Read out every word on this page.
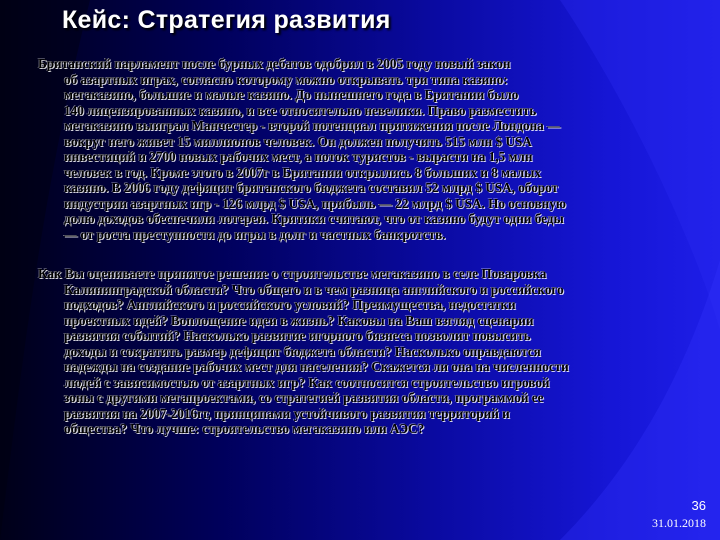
Кейс: Стратегия развития
Британский парламент после бурных дебатов одобрил в 2005 году новый закон
об азартных играх, согласно которому можно открывать три типа казино:
мегаказино, большие и малые казино. До нынешнего года в Британии было
140 лицензированных казино, и все относительно невелики. Право разместить
мегаказино выиграл Манчестер - второй потенциал притяжения после Лондона —
вокруг него живет 15 миллионов человек. Он должен получить 515 млн $ USA
инвестиций и 2700 новых рабочих мест, а поток туристов - вырасти на 1,5 млн
человек в год. Кроме этого в 2007г в Британии открылись 8 больших и 8 малых
казино. В 2006 году дефицит британского бюджета составил 52 млрд $ USA, оборот
индустрии азартных игр - 126 млрд $ USA, прибыль — 22 млрд $ USA. Но основную
долю доходов обеспечили лотереи. Критики считают, что от казино будут одни беды
— от роста преступности до игры в долг и частных банкротств.
Как Вы оцениваете принятое решение о строительстве мегаказино в селе Поваровка
Калининградской области? Что общего и в чем разница английского и российского
подходов? Английского и российского условий? Преимущества, недостатки
проектных идей? Воплощение идеи в жизнь? Каковы на Ваш взгляд сценарии
развития событий? Насколько развитие игорного бизнеса позволит повысить
доходы и сократить размер дефицит бюджета области? Насколько оправдаются
надежды на создание рабочих мест для населения? Скажется ли она на численности
людей с зависимостью от азартных игр? Как соотносится строительство игровой
зоны с другими мегапроектами, со стратегией развития области, программой ее
развития на 2007-2016гг, принципами устойчивого развития территорий и
общества? Что лучше: строительство мегаказино или АЭС?
36
31.01.2018
